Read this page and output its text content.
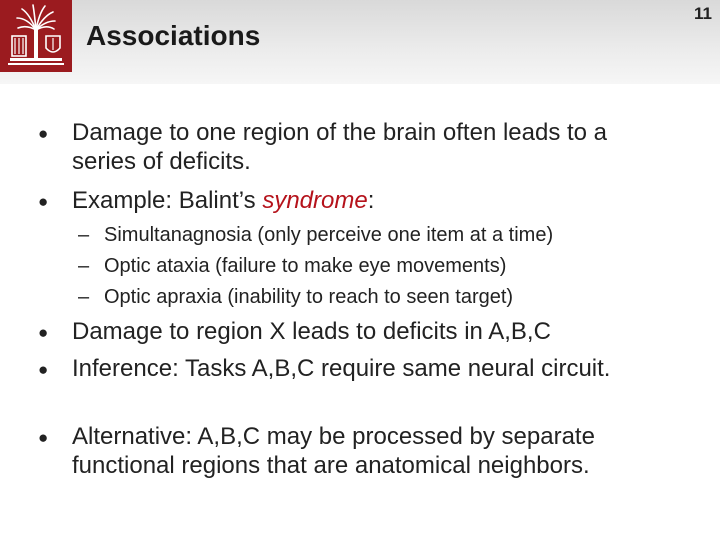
Associations
11
● Damage to one region of the brain often leads to a series of deficits.
● Example: Balint’s syndrome:
– Simultanagnosia (only perceive one item at a time)
– Optic ataxia (failure to make eye movements)
– Optic apraxia (inability to reach to seen target)
● Damage to region X leads to deficits in A,B,C
● Inference: Tasks A,B,C require same neural circuit.
● Alternative: A,B,C may be processed by separate functional regions that are anatomical neighbors.
